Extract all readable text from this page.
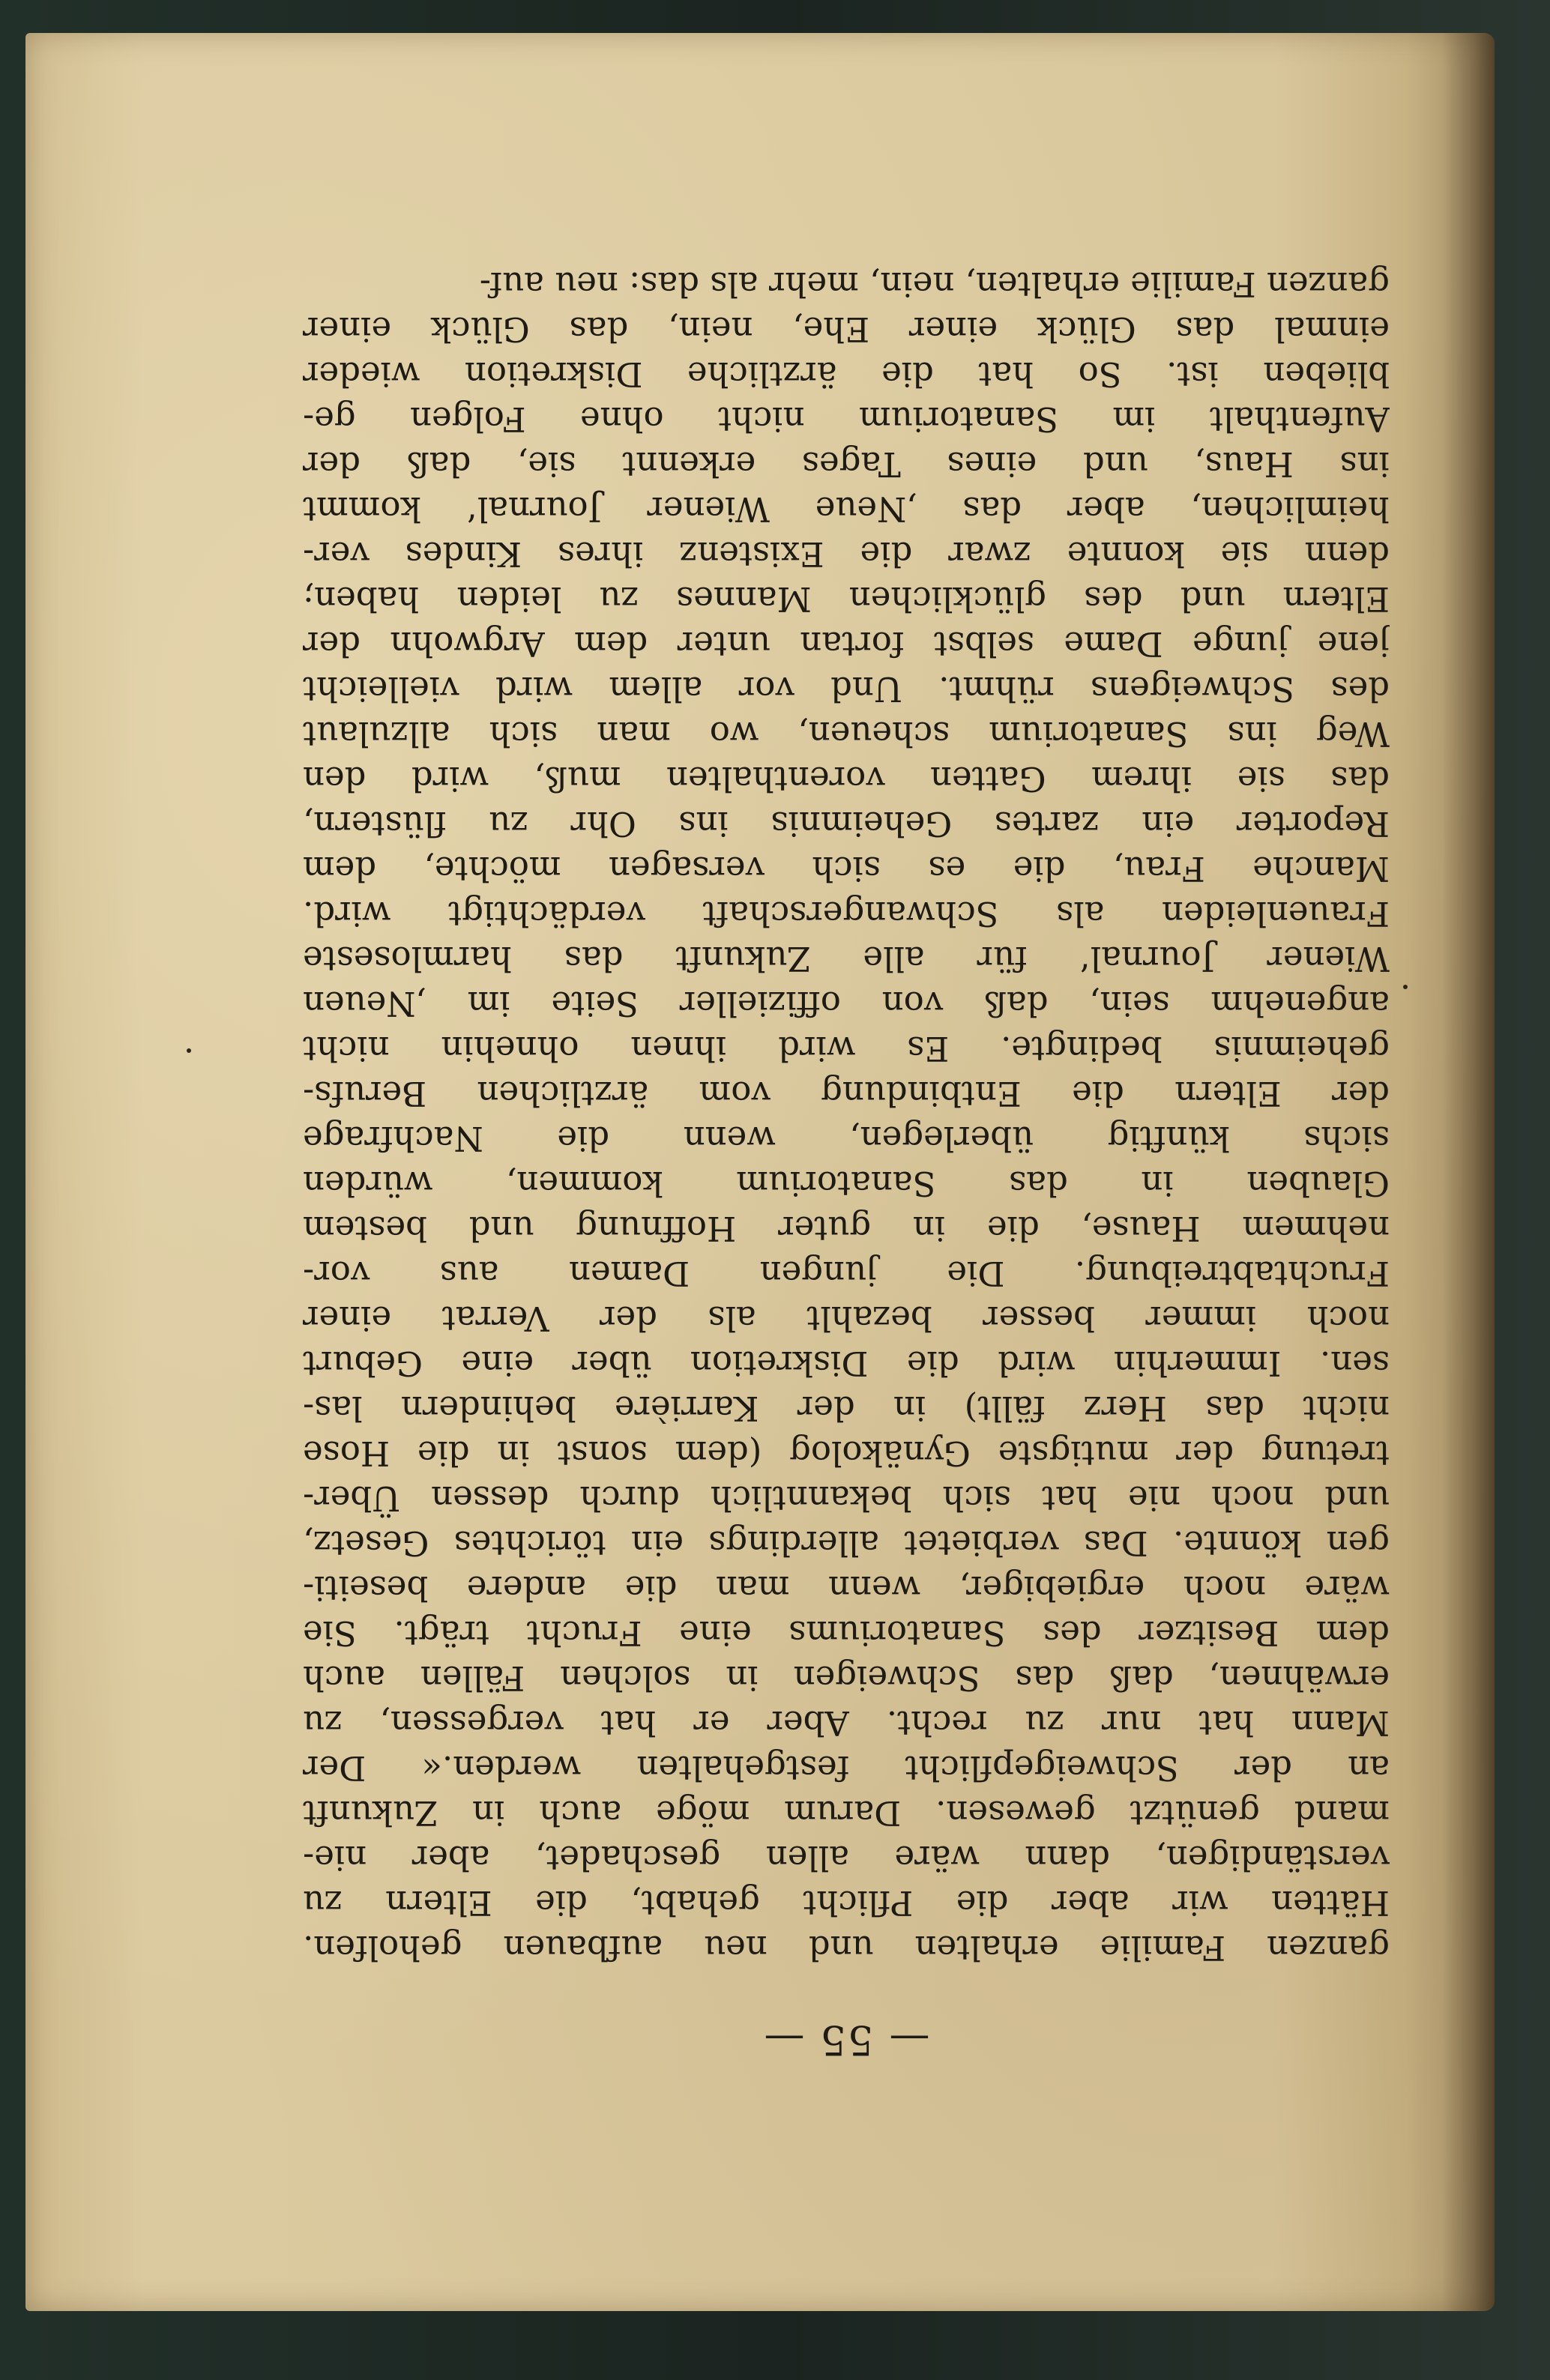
— 55 —
ganzen Familie erhalten und neu aufbauen geholfen.
Hätten wir aber die Pflicht gehabt, die Eltern zu
verständigen, dann wäre allen geschadet, aber nie-
mand genützt gewesen. Darum möge auch in Zukunft
an der Schweigepflicht festgehalten werden.« Der
Mann hat nur zu recht. Aber er hat vergessen, zu
erwähnen, daß das Schweigen in solchen Fällen auch
dem Besitzer des Sanatoriums eine Frucht trägt. Sie
wäre noch ergiebiger, wenn man die andere beseiti-
gen könnte. Das verbietet allerdings ein törichtes Gesetz,
und noch nie hat sich bekanntlich durch dessen Über-
tretung der mutigste Gynäkolog (dem sonst in die Hose
nicht das Herz fällt) in der Karrière behindern las-
sen. Immerhin wird die Diskretion über eine Geburt
noch immer besser bezahlt als der Verrat einer
Fruchtabtreibung. Die jungen Damen aus vor-
nehmem Hause, die in guter Hoffnung und bestem
Glauben in das Sanatorium kommen, würden
sichs künftig überlegen, wenn die Nachfrage
der Eltern die Entbindung vom ärztlichen Berufs-
geheimnis bedingte. Es wird ihnen ohnehin nicht
angenehm sein, daß von offizieller Seite im ‚Neuen
Wiener Journal‘ für alle Zukunft das harmloseste
Frauenleiden als Schwangerschaft verdächtigt wird.
Manche Frau, die es sich versagen möchte, dem
Reporter ein zartes Geheimnis ins Ohr zu flüstern,
das sie ihrem Gatten vorenthalten muß, wird den
Weg ins Sanatorium scheuen, wo man sich allzulaut
des Schweigens rühmt. Und vor allem wird vielleicht
jene junge Dame selbst fortan unter dem Argwohn der
Eltern und des glücklichen Mannes zu leiden haben;
denn sie konnte zwar die Existenz ihres Kindes ver-
heimlichen, aber das ‚Neue Wiener Journal‘ kommt
ins Haus, und eines Tages erkennt sie, daß der
Aufenthalt im Sanatorium nicht ohne Folgen ge-
blieben ist. So hat die ärztliche Diskretion wieder
einmal das Glück einer Ehe, nein, das Glück einer
ganzen Familie erhalten, nein, mehr als das: neu auf-
